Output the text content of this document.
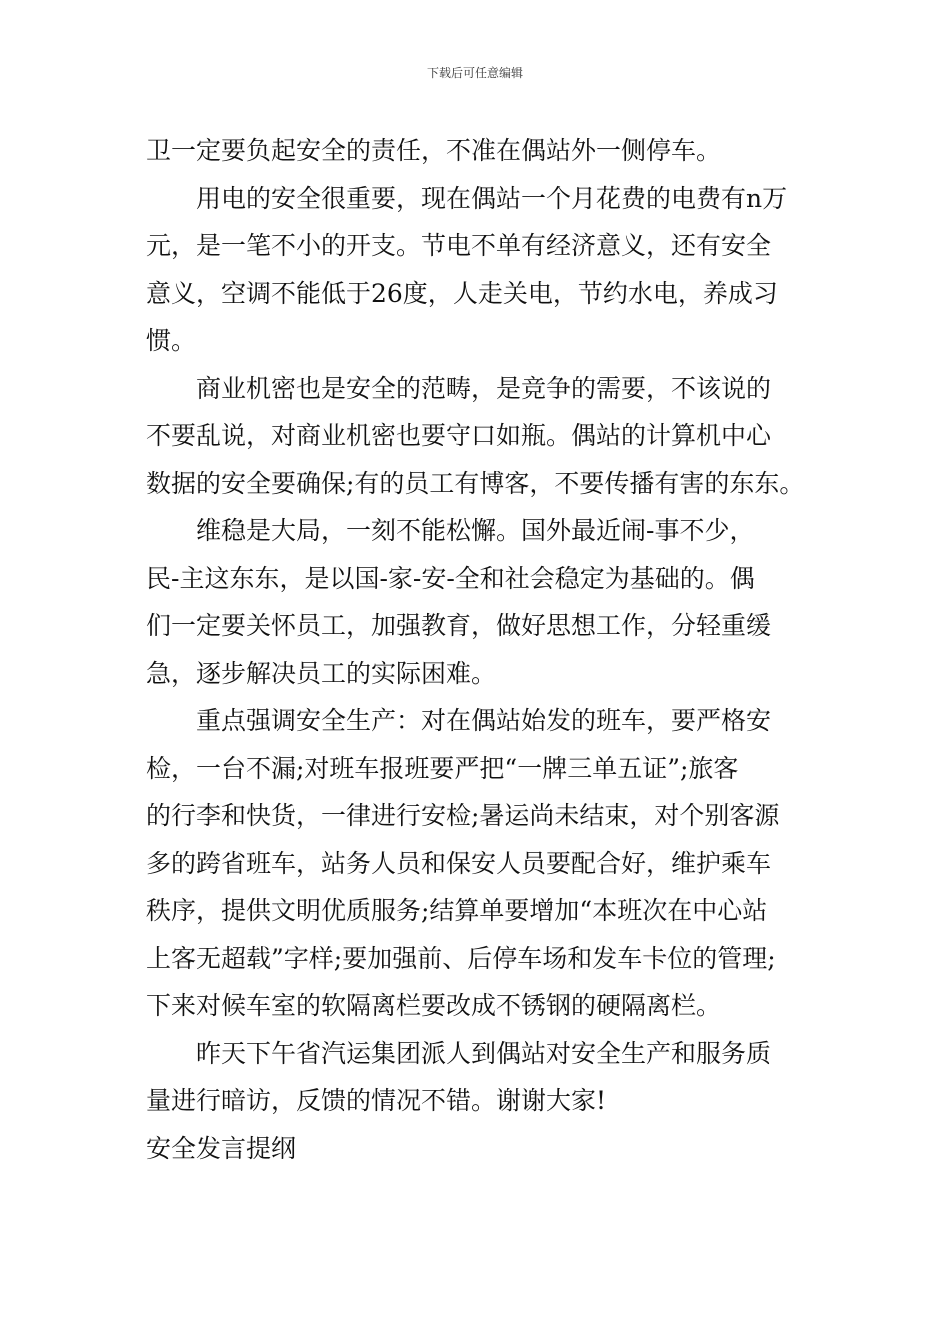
下载后可任意编辑
卫一定要负起安全的责任，不准在偶站外一侧停车。
用电的安全很重要，现在偶站一个月花费的电费有n万
元，是一笔不小的开支。节电不单有经济意义，还有安全
意义，空调不能低于26度，人走关电，节约水电，养成习
惯。
商业机密也是安全的范畴，是竞争的需要，不该说的
不要乱说，对商业机密也要守口如瓶。偶站的计算机中心
数据的安全要确保;有的员工有博客，不要传播有害的东东。
维稳是大局，一刻不能松懈。国外最近闹-事不少，
民-主这东东，是以国-家-安-全和社会稳定为基础的。偶
们一定要关怀员工，加强教育，做好思想工作，分轻重缓
急，逐步解决员工的实际困难。
重点强调安全生产：对在偶站始发的班车，要严格安
检，一台不漏;对班车报班要严把“一牌三单五证”;旅客
的行李和快货，一律进行安检;暑运尚未结束，对个别客源
多的跨省班车，站务人员和保安人员要配合好，维护乘车
秩序，提供文明优质服务;结算单要增加“本班次在中心站
上客无超载”字样;要加强前、后停车场和发车卡位的管理;
下来对候车室的软隔离栏要改成不锈钢的硬隔离栏。
昨天下午省汽运集团派人到偶站对安全生产和服务质
量进行暗访，反馈的情况不错。谢谢大家!
安全发言提纲
